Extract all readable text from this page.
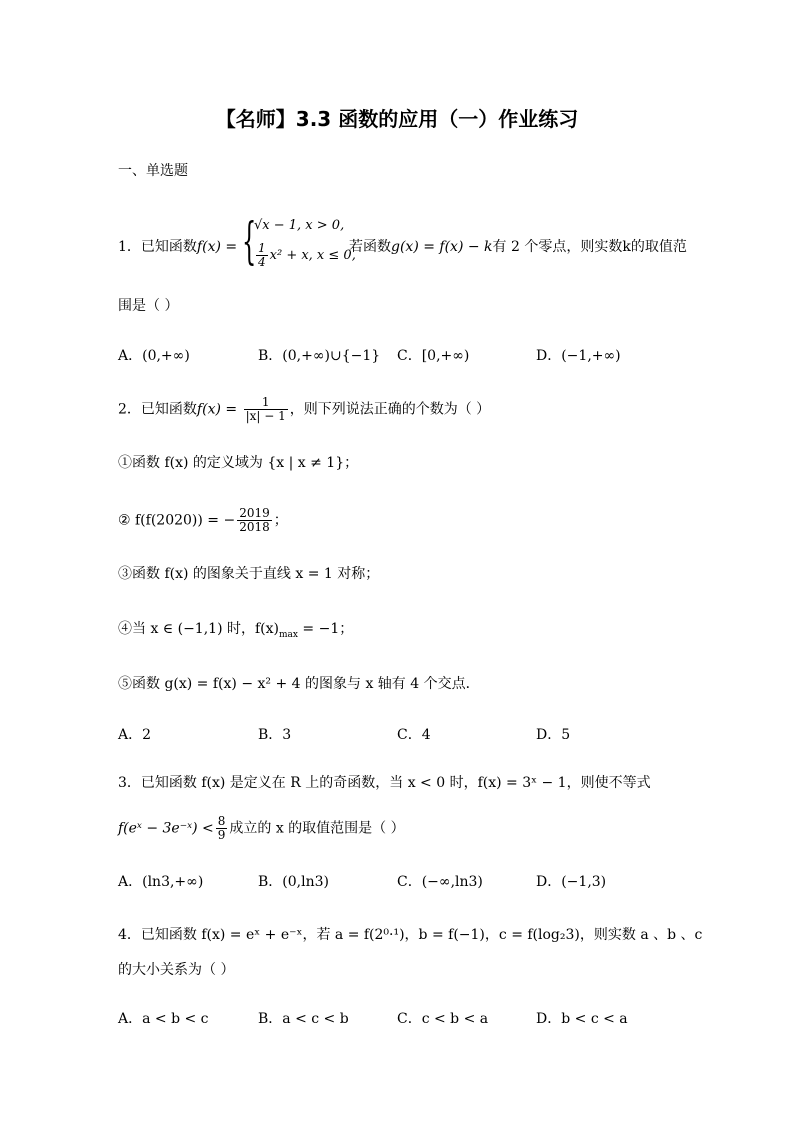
【名师】3.3 函数的应用（一）作业练习
一、单选题
1．已知函数f(x) = {
√x − 1, x > 0,
$\frac{1}{4} x^2 + x$, x ≤ 0,
若函数g(x) = f(x) − k有 2 个零点，则实数k的取值范
围是（ ）
A．(0,+∞)	B．(0,+∞)∪{−1} C．[0,+∞)	D．(−1,+∞)
2．已知函数$f(x) = \frac{1}{|x| - 1}$ ，则下列说法正确的个数为（ ）
①函数 f(x) 的定义域为 {x | x ≠ 1}；
② f(f(2020)) = − $\frac{2019}{2018}$ ；
③函数 f(x) 的图象关于直线 x = 1 对称；
④当 x ∈ (−1,1) 时，$f(x)_{max} = -1$；
⑤函数 g(x) = f(x) − x² + 4 的图象与 x 轴有 4 个交点．
A．2	B．3	C．4	D．5
3．已知函数 f(x) 是定义在 R 上的奇函数，当 x < 0 时，f(x) = 3ˣ − 1，则使不等式
f(eˣ − 3e⁻ˣ) < $\frac{8}{9}$ 成立的 x 的取值范围是（ ）
A．(ln3,+∞)	B．(0,ln3)	C．(−∞,ln3)	D．(−1,3)
4．已知函数 f(x) = eˣ + e⁻ˣ，若 a = f(2⁰·¹)，b = f(−1)，c = f(log₂3)，则实数 a 、b 、c
的大小关系为（ ）
A．a < b < c	B．a < c < b	C．c < b < a	D．b < c < a
